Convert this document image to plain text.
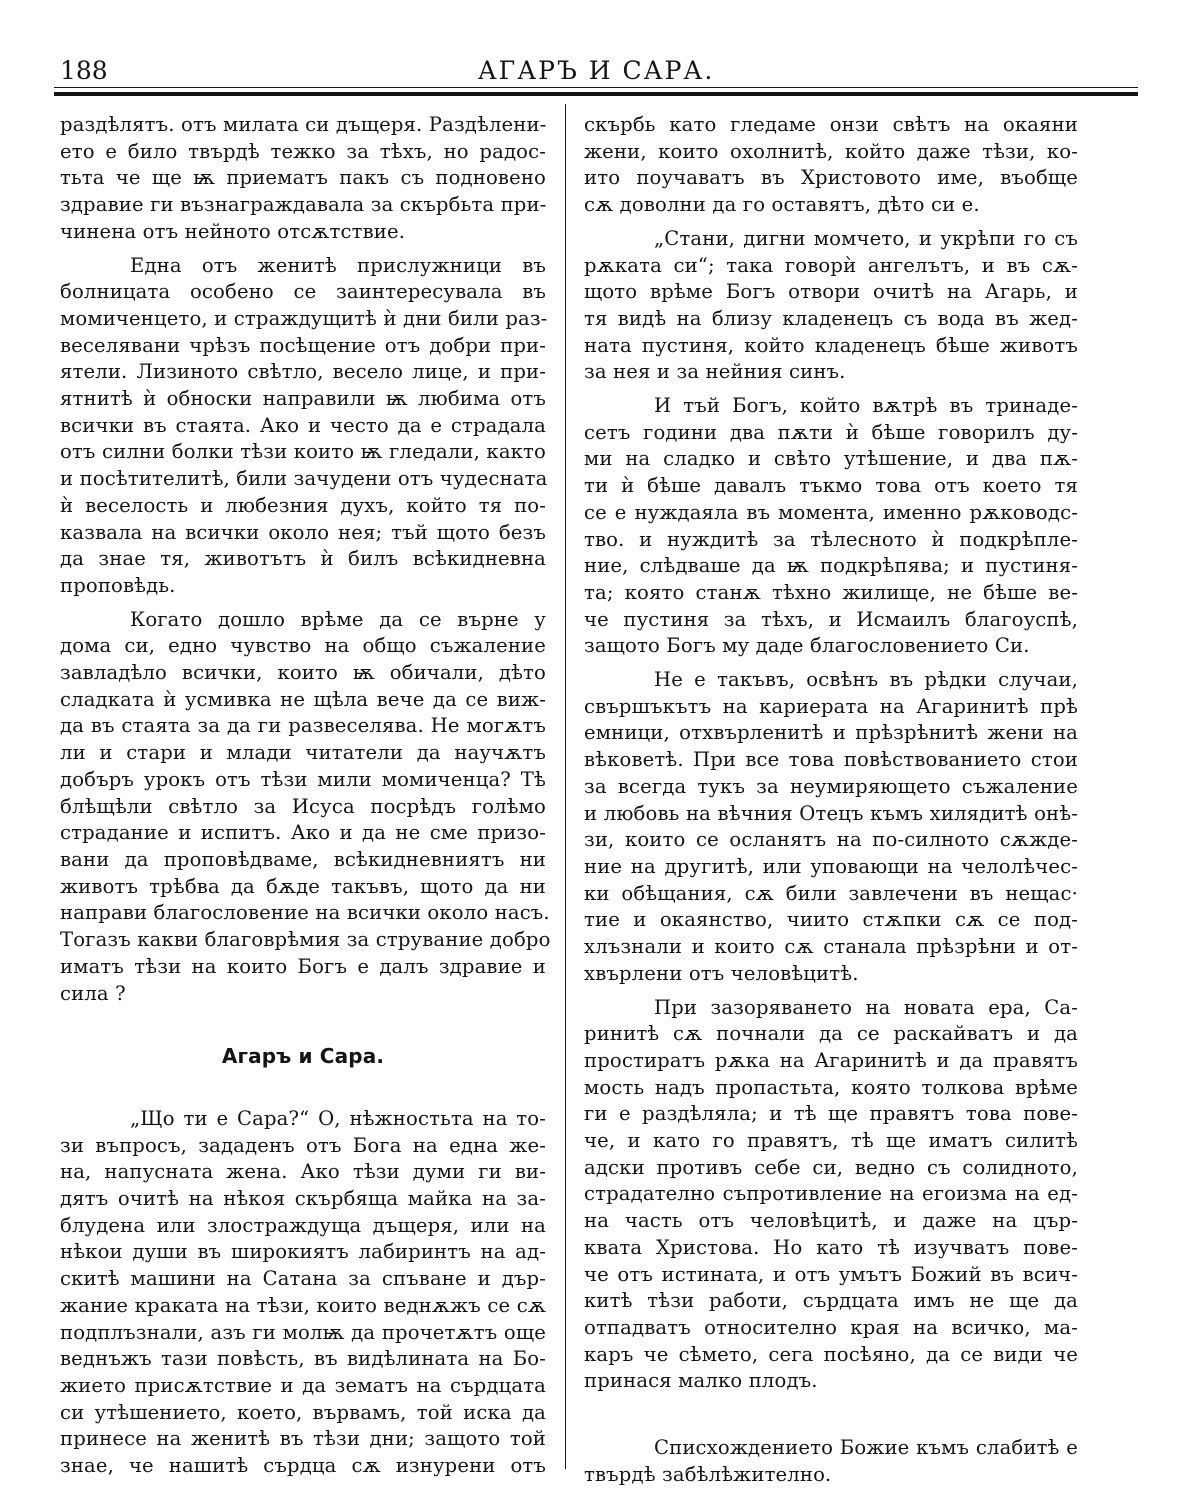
188	АГАРЪ И САРА.
раздѣлятъ. отъ милата си дъщеря. Раздѣлени-
ето е било твърдѣ тежко за тѣхъ, но радос-
тьта че ще ѭ приематъ пакъ съ подновено
здравие ги възнаграждавала за скърбьта при-
чинена отъ нейното отсѫтствие.
Една отъ женитѣ прислужници въ
болницата особено се заинтересувала въ
момиченцето, и страждущитѣ ѝ дни били раз-
веселявани чрѣзъ посѣщение отъ добри при-
ятели. Лизиното свѣтло, весело лице, и при-
ятнитѣ ѝ обноски направили ѭ любима отъ
всички въ стаята. Ако и често да е страдала
отъ силни болки тѣзи които ѭ гледали, както
и посѣтителитѣ, били зачудени отъ чудесната
ѝ веселость и любезния духъ, който тя по-
казвала на всички около нея; тъй щото безъ
да знае тя, животътъ ѝ билъ всѣкидневна
проповѣдь.
Когато дошло врѣме да се върне у
дома си, едно чувство на общо съжаление
завладѣло всички, които ѭ обичали, дѣто
сладката ѝ усмивка не щѣла вече да се виж-
да въ стаята за да ги развеселява. Не могѫтъ
ли и стари и млади читатели да научѫтъ
добъръ урокъ отъ тѣзи мили момиченца? Тѣ
блѣщѣли свѣтло за Исуса посрѣдъ голѣмо
страдание и испитъ. Ако и да не сме призо-
вани да проповѣдваме, всѣкидневниятъ ни
животъ трѣбва да бѫде такъвъ, щото да ни
направи благословение на всички около насъ.
Тогазъ какви благоврѣмия за струвание добро
иматъ тѣзи на които Богъ е далъ здравие и
сила ?
Агаръ и Сара.
„Що ти е Сара?“ О, нѣжностьта на то-
зи въпросъ, зададенъ отъ Бога на една же-
на, напусната жена. Ако тѣзи думи ги ви-
дятъ очитѣ на нѣкоя скърбяща майка на за-
блудена или злостраждуща дъщеря, или на
нѣкои души въ широкиятъ лабиринтъ на ад-
скитѣ машини на Сатана за спъване и дър-
жание краката на тѣзи, които веднѫжъ се сѫ
подплъзнали, азъ ги молѭ да прочетѫтъ още
веднъжъ тази повѣсть, въ видѣлината на Бо-
жието присѫтствие и да зематъ на сърдцата
си утѣшението, което, вървамъ, той иска да
принесе на женитѣ въ тѣзи дни; защото той
знае, че нашитѣ сърдца сѫ изнурени отъ
скърбь като гледаме онзи свѣтъ на окаяни
жени, които охолнитѣ, който даже тѣзи, ко-
ито поучаватъ въ Христовото име, въобще
сѫ доволни да го оставятъ, дѣто си е.
„Стани, дигни момчето, и укрѣпи го съ
рѫката си“; така говорѝ ангелътъ, и въ сѫ-
щото врѣме Богъ отвори очитѣ на Агарь, и
тя видѣ на близу кладенецъ съ вода въ жед-
ната пустиня, който кладенецъ бѣше животъ
за нея и за нейния синъ.
И тъй Богъ, който вѫтрѣ въ тринаде-
сетъ години два пѫти ѝ бѣше говорилъ ду-
ми на сладко и свѣто утѣшение, и два пѫ-
ти ѝ бѣше давалъ тъкмо това отъ което тя
се е нуждаяла въ момента, именно рѫководс-
тво. и нуждитѣ за тѣлесното ѝ подкрѣпле-
ние, слѣдваше да ѭ подкрѣпява; и пустиня-
та; която станѫ тѣхно жилище, не бѣше ве-
че пустиня за тѣхъ, и Исмаилъ благоуспѣ,
защото Богъ му даде благословението Си.
Не е такъвъ, освѣнъ въ рѣдки случаи,
свършъкътъ на кариерата на Агаринитѣ прѣ
емници, отхвърленитѣ и прѣзрѣнитѣ жени на
вѣковетѣ. При все това повѣствованието стои
за всегда тукъ за неумиряющето съжаление
и любовь на вѣчния Отецъ къмъ хилядитѣ онѣ-
зи, които се осланятъ на по-силното сѫжде-
ние на другитѣ, или уповающи на челолѣчес-
ки обѣщания, сѫ били завлечени въ нещас·
тие и окаянство, чиито стѫпки сѫ се под-
хлъзнали и които сѫ станала прѣзрѣни и от-
хвърлени отъ человѣцитѣ.
При зазоряването на новата ера, Са-
ринитѣ сѫ почнали да се раскайватъ и да
простиратъ рѫка на Агаринитѣ и да правятъ
мость надъ пропастьта, която толкова врѣме
ги е раздѣляла; и тѣ ще правятъ това пове-
че, и като го правятъ, тѣ ще иматъ силитѣ
адски противъ себе си, ведно съ солидното,
страдателно съпротивление на егоизма на ед-
на часть отъ человѣцитѣ, и даже на цър-
квата Христова. Но като тѣ изучватъ пове-
че отъ истината, и отъ умътъ Божий въ всич-
китѣ тѣзи работи, сърдцата имъ не ще да
отпадватъ относително края на всичко, ма-
каръ че сѣмето, сега посѣяно, да се види че
принася малко плодъ.
Списхождението Божие къмъ слабитѣ е
твърдѣ забѣлѣжително.
